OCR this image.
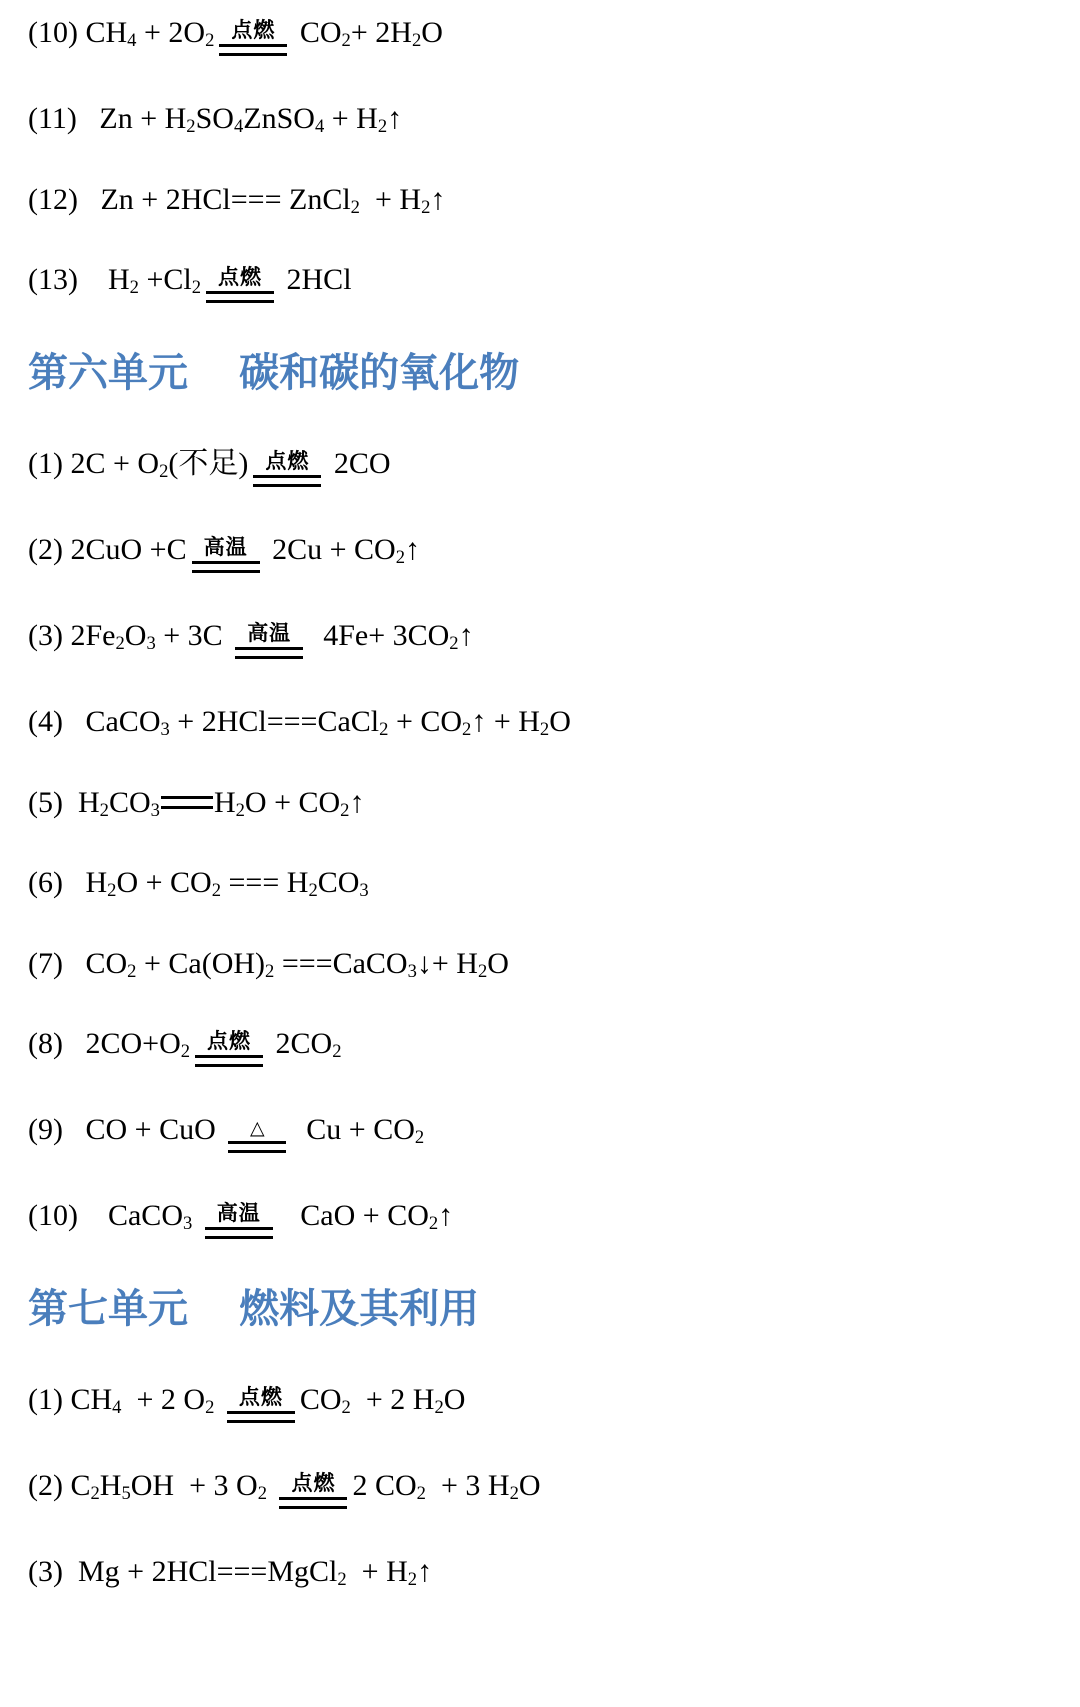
(10) CH4 + 2O2 点燃 CO2+ 2H2O
(11)   Zn + H2SO4ZnSO4 + H2↑
(12)   Zn + 2HCl=== ZnCl2  + H2↑
(13)    H2 +Cl2 点燃 2HCl
第六单元　 碳和碳的氧化物
(1) 2C + O2(不足) 点燃 2CO
(2) 2CuO +C 高温 2Cu + CO2↑
(3) 2Fe2O3 + 3C 高温 4Fe+ 3CO2↑
(4)   CaCO3 + 2HCl===CaCl2 + CO2↑ + H2O
(5)  H2CO3 H2O + CO2↑
(6)   H2O + CO2 === H2CO3
(7)   CO2 + Ca(OH)2 ===CaCO3↓+ H2O
(8)   2CO+O2 点燃 2CO2
(9)   CO + CuO △ Cu + CO2
(10)    CaCO3 高温 CaO + CO2↑
第七单元　 燃料及其利用
(1) CH4  + 2 O2 点燃 CO2  + 2 H2O
(2) C2H5OH  + 3 O2 点燃 2 CO2  + 3 H2O
(3)  Mg + 2HCl===MgCl2  + H2↑
